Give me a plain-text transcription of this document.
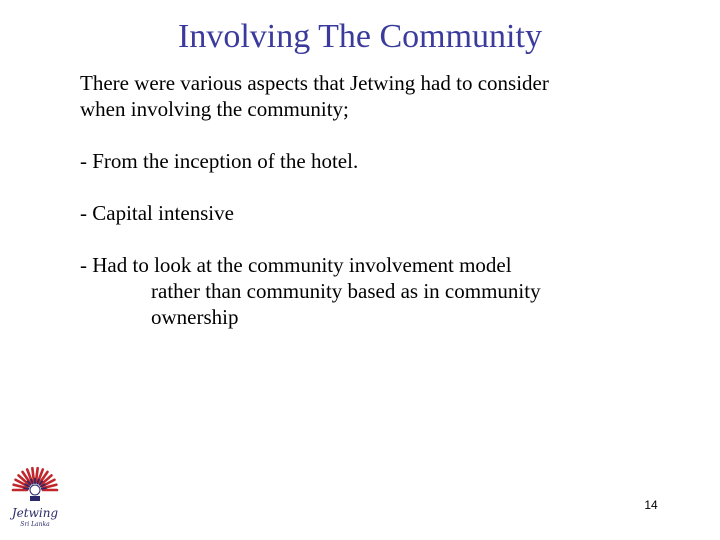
Involving The Community
There were various aspects that Jetwing had to consider
when involving the community;
- From the inception of the hotel.
- Capital intensive
- Had to look at the community involvement model
rather than community based as in community
ownership
Jetwing
Sri Lanka
14
